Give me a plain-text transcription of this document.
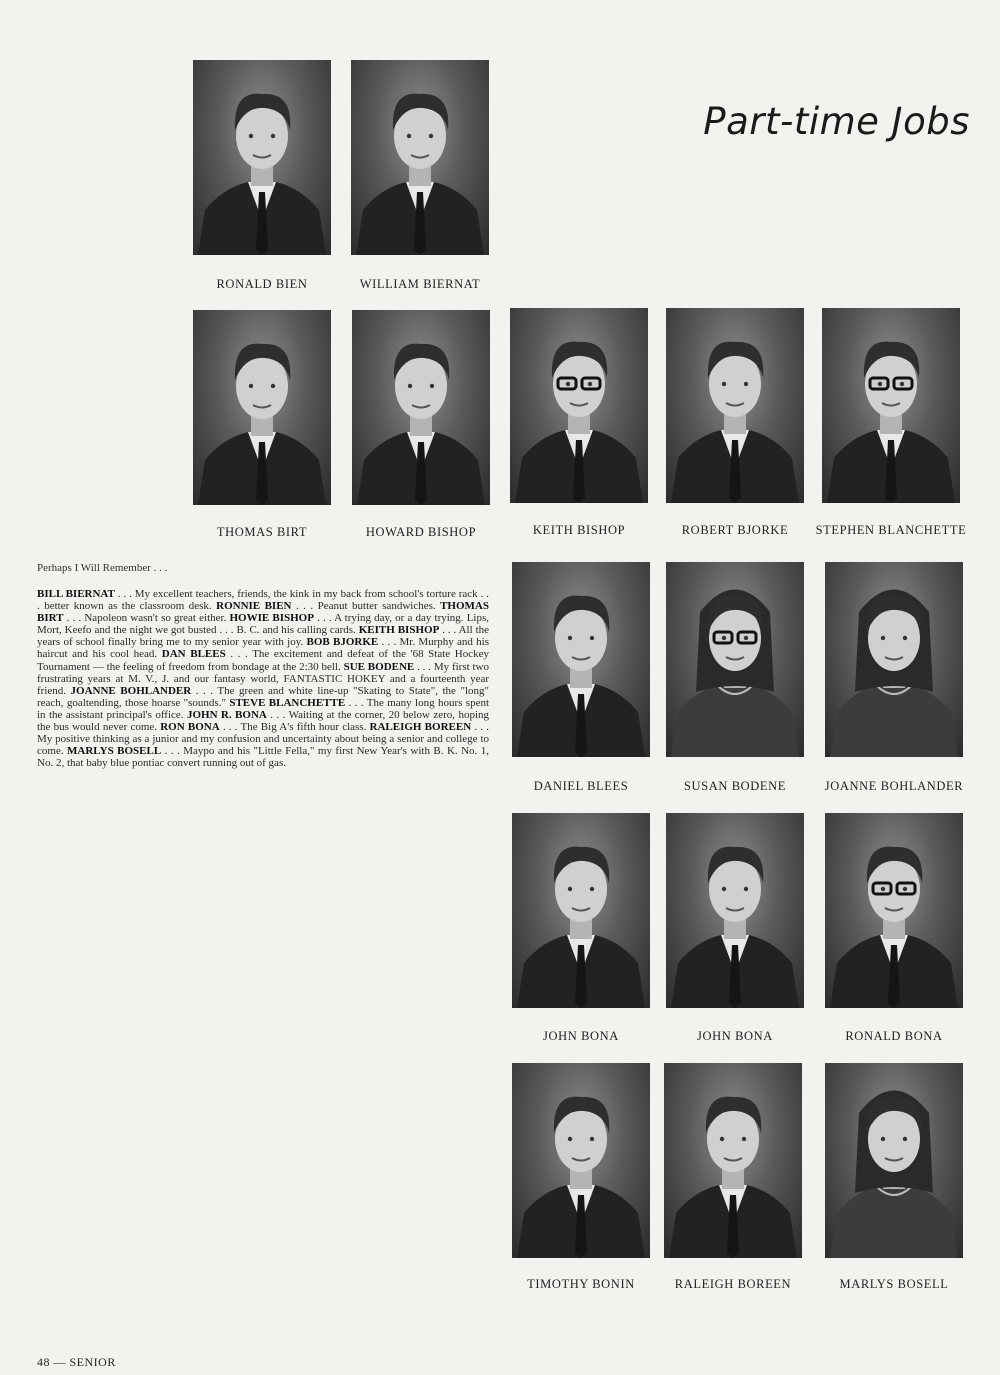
Part-time Jobs
RONALD BIEN	WILLIAM BIERNAT
THOMAS BIRT	HOWARD BISHOP	KEITH BISHOP	ROBERT BJORKE	STEPHEN BLANCHETTE
DANIEL BLEES	SUSAN BODENE	JOANNE BOHLANDER
JOHN BONA	JOHN BONA	RONALD BONA
TIMOTHY BONIN	RALEIGH BOREEN	MARLYS BOSELL
Perhaps I Will Remember . . .
BILL BIERNAT . . . My excellent teachers, friends, the kink in my back from school's torture rack . . . better known as the classroom desk. RONNIE BIEN . . . Peanut butter sandwiches. THOMAS BIRT . . . Napoleon wasn't so great either. HOWIE BISHOP . . . A trying day, or a day trying. Lips, Mort, Keefo and the night we got busted . . . B. C. and his calling cards. KEITH BISHOP . . . All the years of school finally bring me to my senior year with joy. BOB BJORKE . . . Mr. Murphy and his haircut and his cool head. DAN BLEES . . . The excitement and defeat of the '68 State Hockey Tournament — the feeling of freedom from bondage at the 2:30 bell. SUE BODENE . . . My first two frustrating years at M. V., J. and our fantasy world, FANTASTIC HOKEY and a fourteenth year friend. JOANNE BOHLANDER . . . The green and white line-up "Skating to State", the "long" reach, goaltending, those hoarse "sounds." STEVE BLANCHETTE . . . The many long hours spent in the assistant principal's office. JOHN R. BONA . . . Waiting at the corner, 20 below zero, hoping the bus would never come. RON BONA . . . The Big A's fifth hour class. RALEIGH BOREEN . . . My positive thinking as a junior and my confusion and uncertainty about being a senior and college to come. MARLYS BOSELL . . . Maypo and his "Little Fella," my first New Year's with B. K. No. 1, No. 2, that baby blue pontiac convert running out of gas.
48 — SENIOR
